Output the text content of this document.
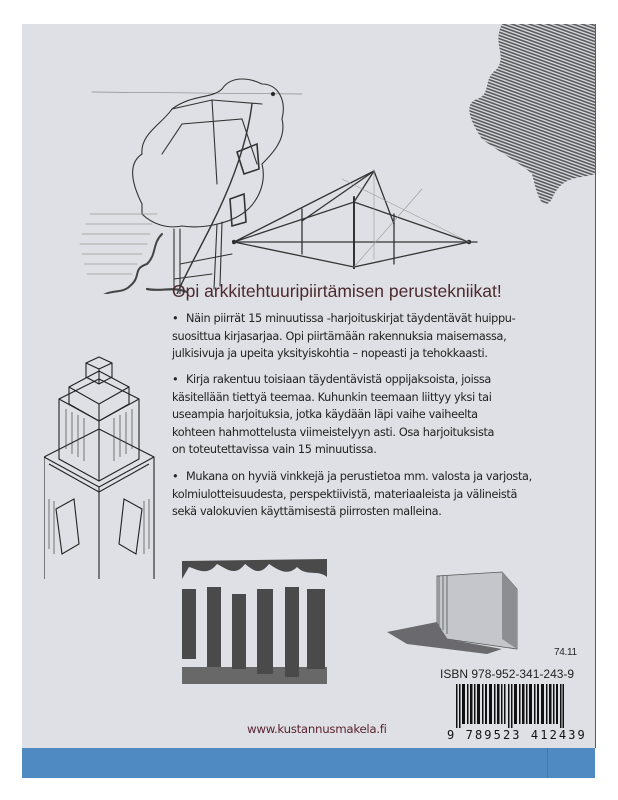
Opi arkkitehtuuripiirtämisen perustekniikat!
• Näin piirrät 15 minuutissa -harjoituskirjat täydentävät huippu-
suosittua kirjasarjaa. Opi piirtämään rakennuksia maisemassa,
julkisivuja ja upeita yksityiskohtia – nopeasti ja tehokkaasti.
• Kirja rakentuu toisiaan täydentävistä oppijaksoista, joissa
käsitellään tiettyä teemaa. Kuhunkin teemaan liittyy yksi tai
useampia harjoituksia, jotka käydään läpi vaihe vaiheelta
kohteen hahmottelusta viimeistelyyn asti. Osa harjoituksista
on toteutettavissa vain 15 minuutissa.
• Mukana on hyviä vinkkejä ja perustietoa mm. valosta ja varjosta,
kolmiulotteisuudesta, perspektiivistä, materiaaleista ja välineistä
sekä valokuvien käyttämisestä piirrosten malleina.
74.11
ISBN 978-952-341-243-9
9 789523 412439
www.kustannusmakela.fi
